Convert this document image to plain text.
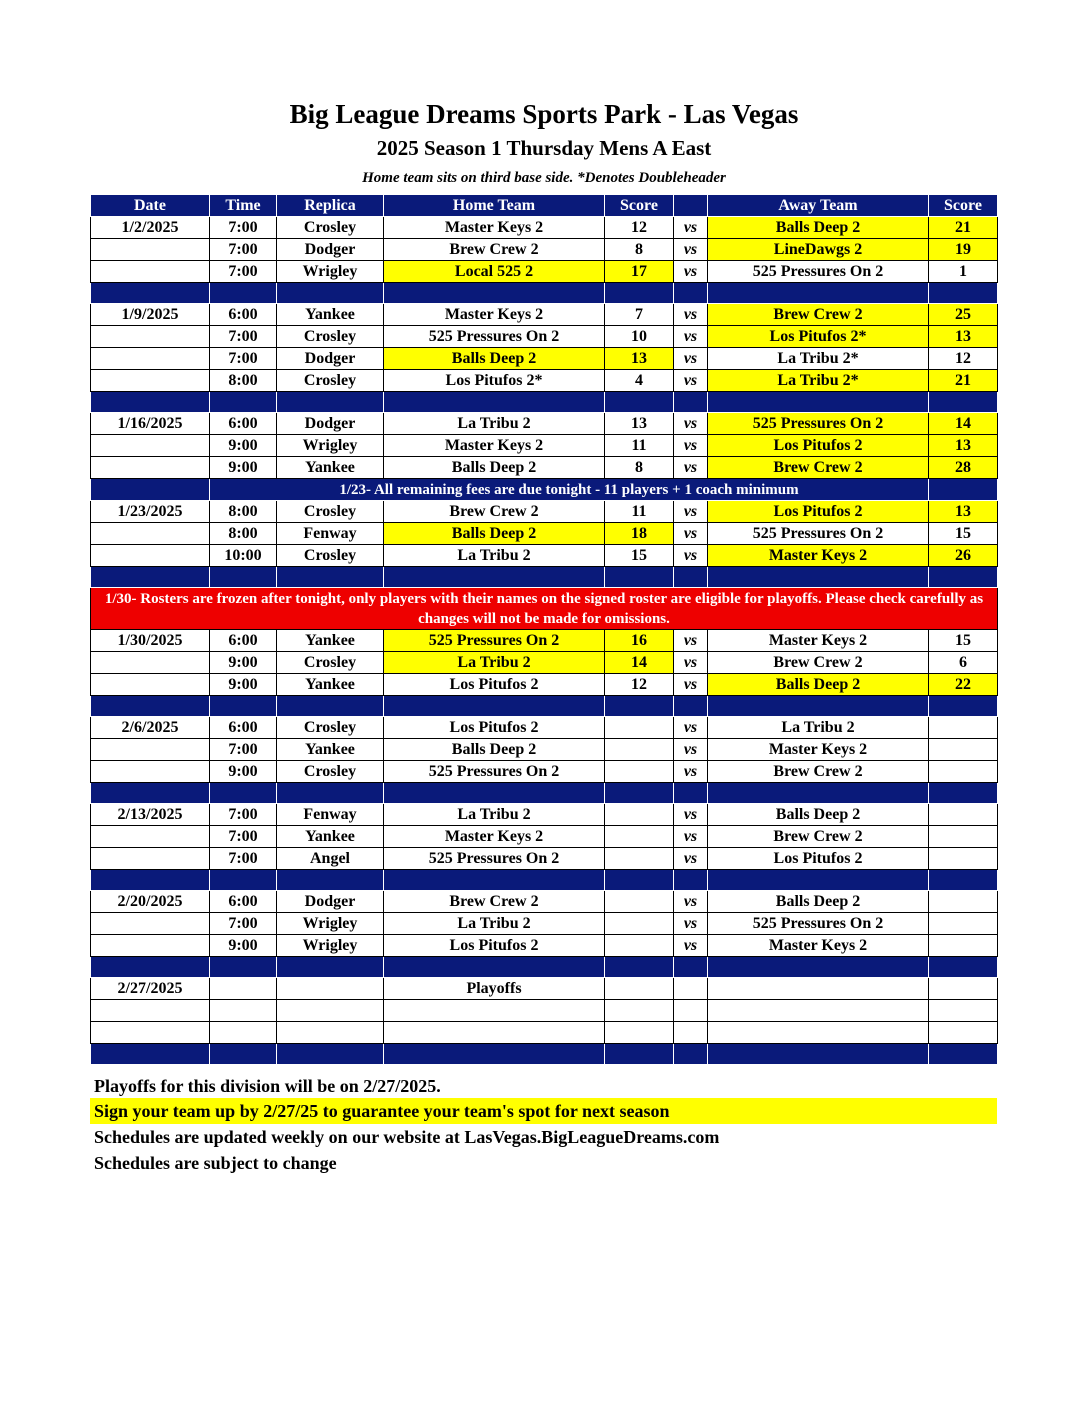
Big League Dreams Sports Park - Las Vegas
2025 Season 1 Thursday Mens A East
Home team sits on third base side. *Denotes Doubleheader
Date	Time	Replica	Home Team	Score		Away Team	Score
1/2/2025	7:00	Crosley	Master Keys 2	12	vs	Balls Deep 2	21
	7:00	Dodger	Brew Crew 2	8	vs	LineDawgs 2	19
	7:00	Wrigley	Local 525 2	17	vs	525 Pressures On 2	1

1/9/2025	6:00	Yankee	Master Keys 2	7	vs	Brew Crew 2	25
	7:00	Crosley	525 Pressures On 2	10	vs	Los Pitufos 2*	13
	7:00	Dodger	Balls Deep 2	13	vs	La Tribu 2*	12
	8:00	Crosley	Los Pitufos 2*	4	vs	La Tribu 2*	21

1/16/2025	6:00	Dodger	La Tribu 2	13	vs	525 Pressures On 2	14
	9:00	Wrigley	Master Keys 2	11	vs	Los Pitufos 2	13
	9:00	Yankee	Balls Deep 2	8	vs	Brew Crew 2	28
	1/23- All remaining fees are due tonight - 11 players + 1 coach minimum						
1/23/2025	8:00	Crosley	Brew Crew 2	11	vs	Los Pitufos 2	13
	8:00	Fenway	Balls Deep 2	18	vs	525 Pressures On 2	15
	10:00	Crosley	La Tribu 2	15	vs	Master Keys 2	26

1/30- Rosters are frozen after tonight, only players with their names on the signed roster are eligible for playoffs. Please check carefully as changes will not be made for omissions.							
1/30/2025	6:00	Yankee	525 Pressures On 2	16	vs	Master Keys 2	15
	9:00	Crosley	La Tribu 2	14	vs	Brew Crew 2	6
	9:00	Yankee	Los Pitufos 2	12	vs	Balls Deep 2	22

2/6/2025	6:00	Crosley	Los Pitufos 2		vs	La Tribu 2	
	7:00	Yankee	Balls Deep 2		vs	Master Keys 2	
	9:00	Crosley	525 Pressures On 2		vs	Brew Crew 2	

2/13/2025	7:00	Fenway	La Tribu 2		vs	Balls Deep 2	
	7:00	Yankee	Master Keys 2		vs	Brew Crew 2	
	7:00	Angel	525 Pressures On 2		vs	Los Pitufos 2	

2/20/2025	6:00	Dodger	Brew Crew 2		vs	Balls Deep 2	
	7:00	Wrigley	La Tribu 2		vs	525 Pressures On 2	
	9:00	Wrigley	Los Pitufos 2		vs	Master Keys 2	

2/27/2025			Playoffs				

Playoffs for this division will be on 2/27/2025.
Sign your team up by 2/27/25 to guarantee your team's spot for next season
Schedules are updated weekly on our website at LasVegas.BigLeagueDreams.com
Schedules are subject to change
